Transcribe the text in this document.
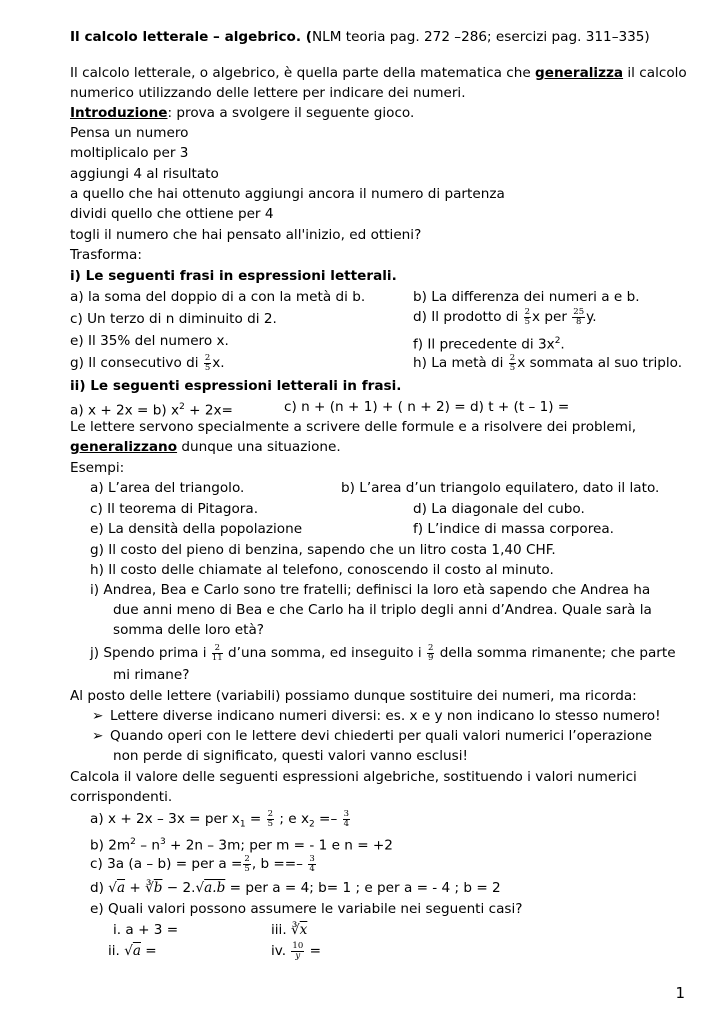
Il calcolo letterale – algebrico. (NLM teoria pag. 272 –286; esercizi pag. 311–335)
Il calcolo letterale, o algebrico, è quella parte della matematica che generalizza il calcolo
numerico utilizzando delle lettere per indicare dei numeri.
Introduzione: prova a svolgere il seguente gioco.
Pensa un numero
moltiplicalo per 3
aggiungi 4 al risultato
a quello che hai ottenuto aggiungi ancora il numero di partenza
dividi quello che ottiene per 4
togli il numero che hai pensato all'inizio, ed ottieni?
Trasforma:
i) Le seguenti frasi in espressioni letterali.
a) la soma del doppio di a con la metà di b.	b) La differenza dei numeri a e b.
c) Un terzo di n diminuito di 2.	d) Il prodotto di $\frac{2}{5}$ x per $\frac{25}{8} y$.
e) Il 35% del numero x.	f) Il precedente di $3x^2$.
g) Il consecutivo di $\frac{2}{5} x$.	h) La metà di $\frac{2}{5}$ x sommata al suo triplo.
ii) Le seguenti espressioni letterali in frasi.
a) x + 2x = b) $x^2 + 2x=$	c) n + (n + 1) + ( n + 2) = d) t + (t – 1) =
Le lettere servono specialmente a scrivere delle formule e a risolvere dei problemi,
generalizzano dunque una situazione.
Esempi:
a) L’area del triangolo.	b) L’area d’un triangolo equilatero, dato il lato.
c) Il teorema di Pitagora.	d) La diagonale del cubo.
e) La densità della popolazione	f) L’indice di massa corporea.
g) Il costo del pieno di benzina, sapendo che un litro costa 1,40 CHF.
h) Il costo delle chiamate al telefono, conoscendo il costo al minuto.
i) Andrea, Bea e Carlo sono tre fratelli; definisci la loro età sapendo che Andrea ha
due anni meno di Bea e che Carlo ha il triplo degli anni d’Andrea. Quale sarà la
somma delle loro età?
j) Spendo prima i $\frac{2}{11}$ d’una somma, ed inseguito i $\frac{2}{9}$ della somma rimanente; che parte
mi rimane?
Al posto delle lettere (variabili) possiamo dunque sostituire dei numeri, ma ricorda:
➢ Lettere diverse indicano numeri diversi: es. x e y non indicano lo stesso numero!
➢ Quando operi con le lettere devi chiederti per quali valori numerici l’operazione
non perde di significato, questi valori vanno esclusi!
Calcola il valore delle seguenti espressioni algebriche, sostituendo i valori numerici
corrispondenti.
a) x + 2x – 3x = per $x_1 = \frac{2}{5}$ ; e $x_2 =- \frac{3}{4}$
b) $2m^2 - n^3 + 2n - 3m$; per m = - 1 e n = +2
c) 3a (a – b) = per $a = \frac{2}{5}$ , b ==– $\frac{3}{4}$
d) $√a + ∛\overline{b} - 2.√a.b$ = per a = 4; b= 1 ; e per a = - 4 ; b = 2
e) Quali valori possono assumere le variabile nei seguenti casi?
i. a + 3 =	iii. $∛\overline{x}$
ii. √a =	iv. $\frac{10}{y}$ =
1
